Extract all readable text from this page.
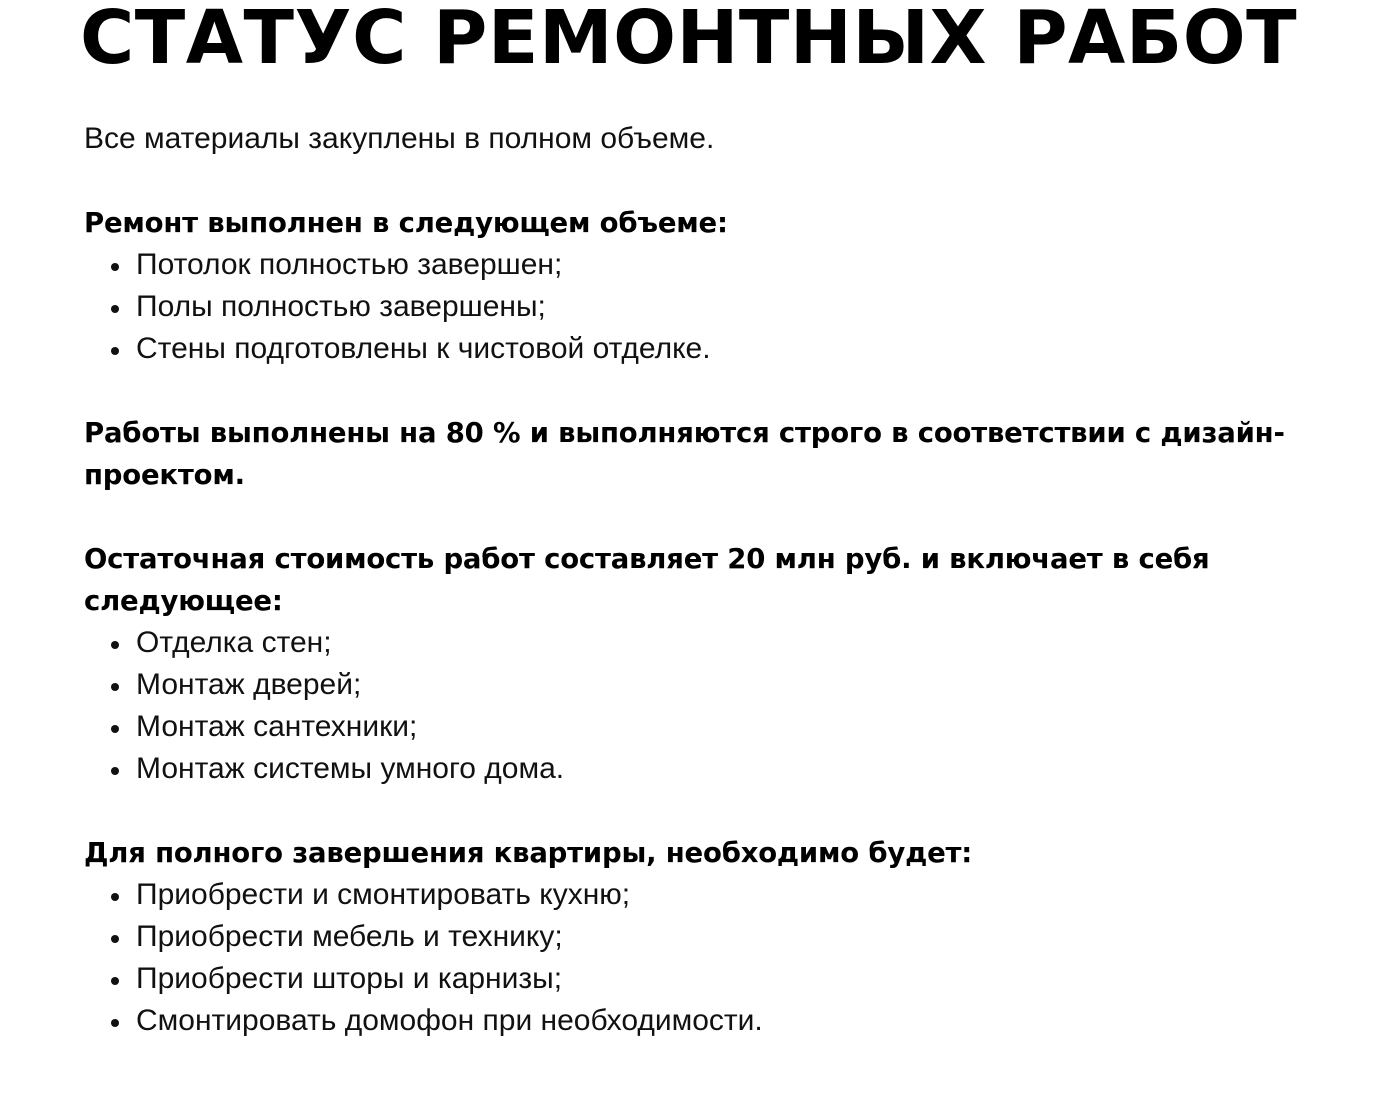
СТАТУС РЕМОНТНЫХ РАБОТ

Все материалы закуплены в полном объеме.

Ремонт выполнен в следующем объеме:

Потолок полностью завершен;
Полы полностью завершены;
Стены подготовлены к чистовой отделке.

Работы выполнены на 80 % и выполняются строго в соответствии с дизайн-проектом.

Остаточная стоимость работ составляет 20 млн руб. и включает в себя следующее:

Отделка стен;
Монтаж дверей;
Монтаж сантехники;
Монтаж системы умного дома.

Для полного завершения квартиры, необходимо будет:

Приобрести и смонтировать кухню;
Приобрести мебель и технику;
Приобрести шторы и карнизы;
Смонтировать домофон при необходимости.
